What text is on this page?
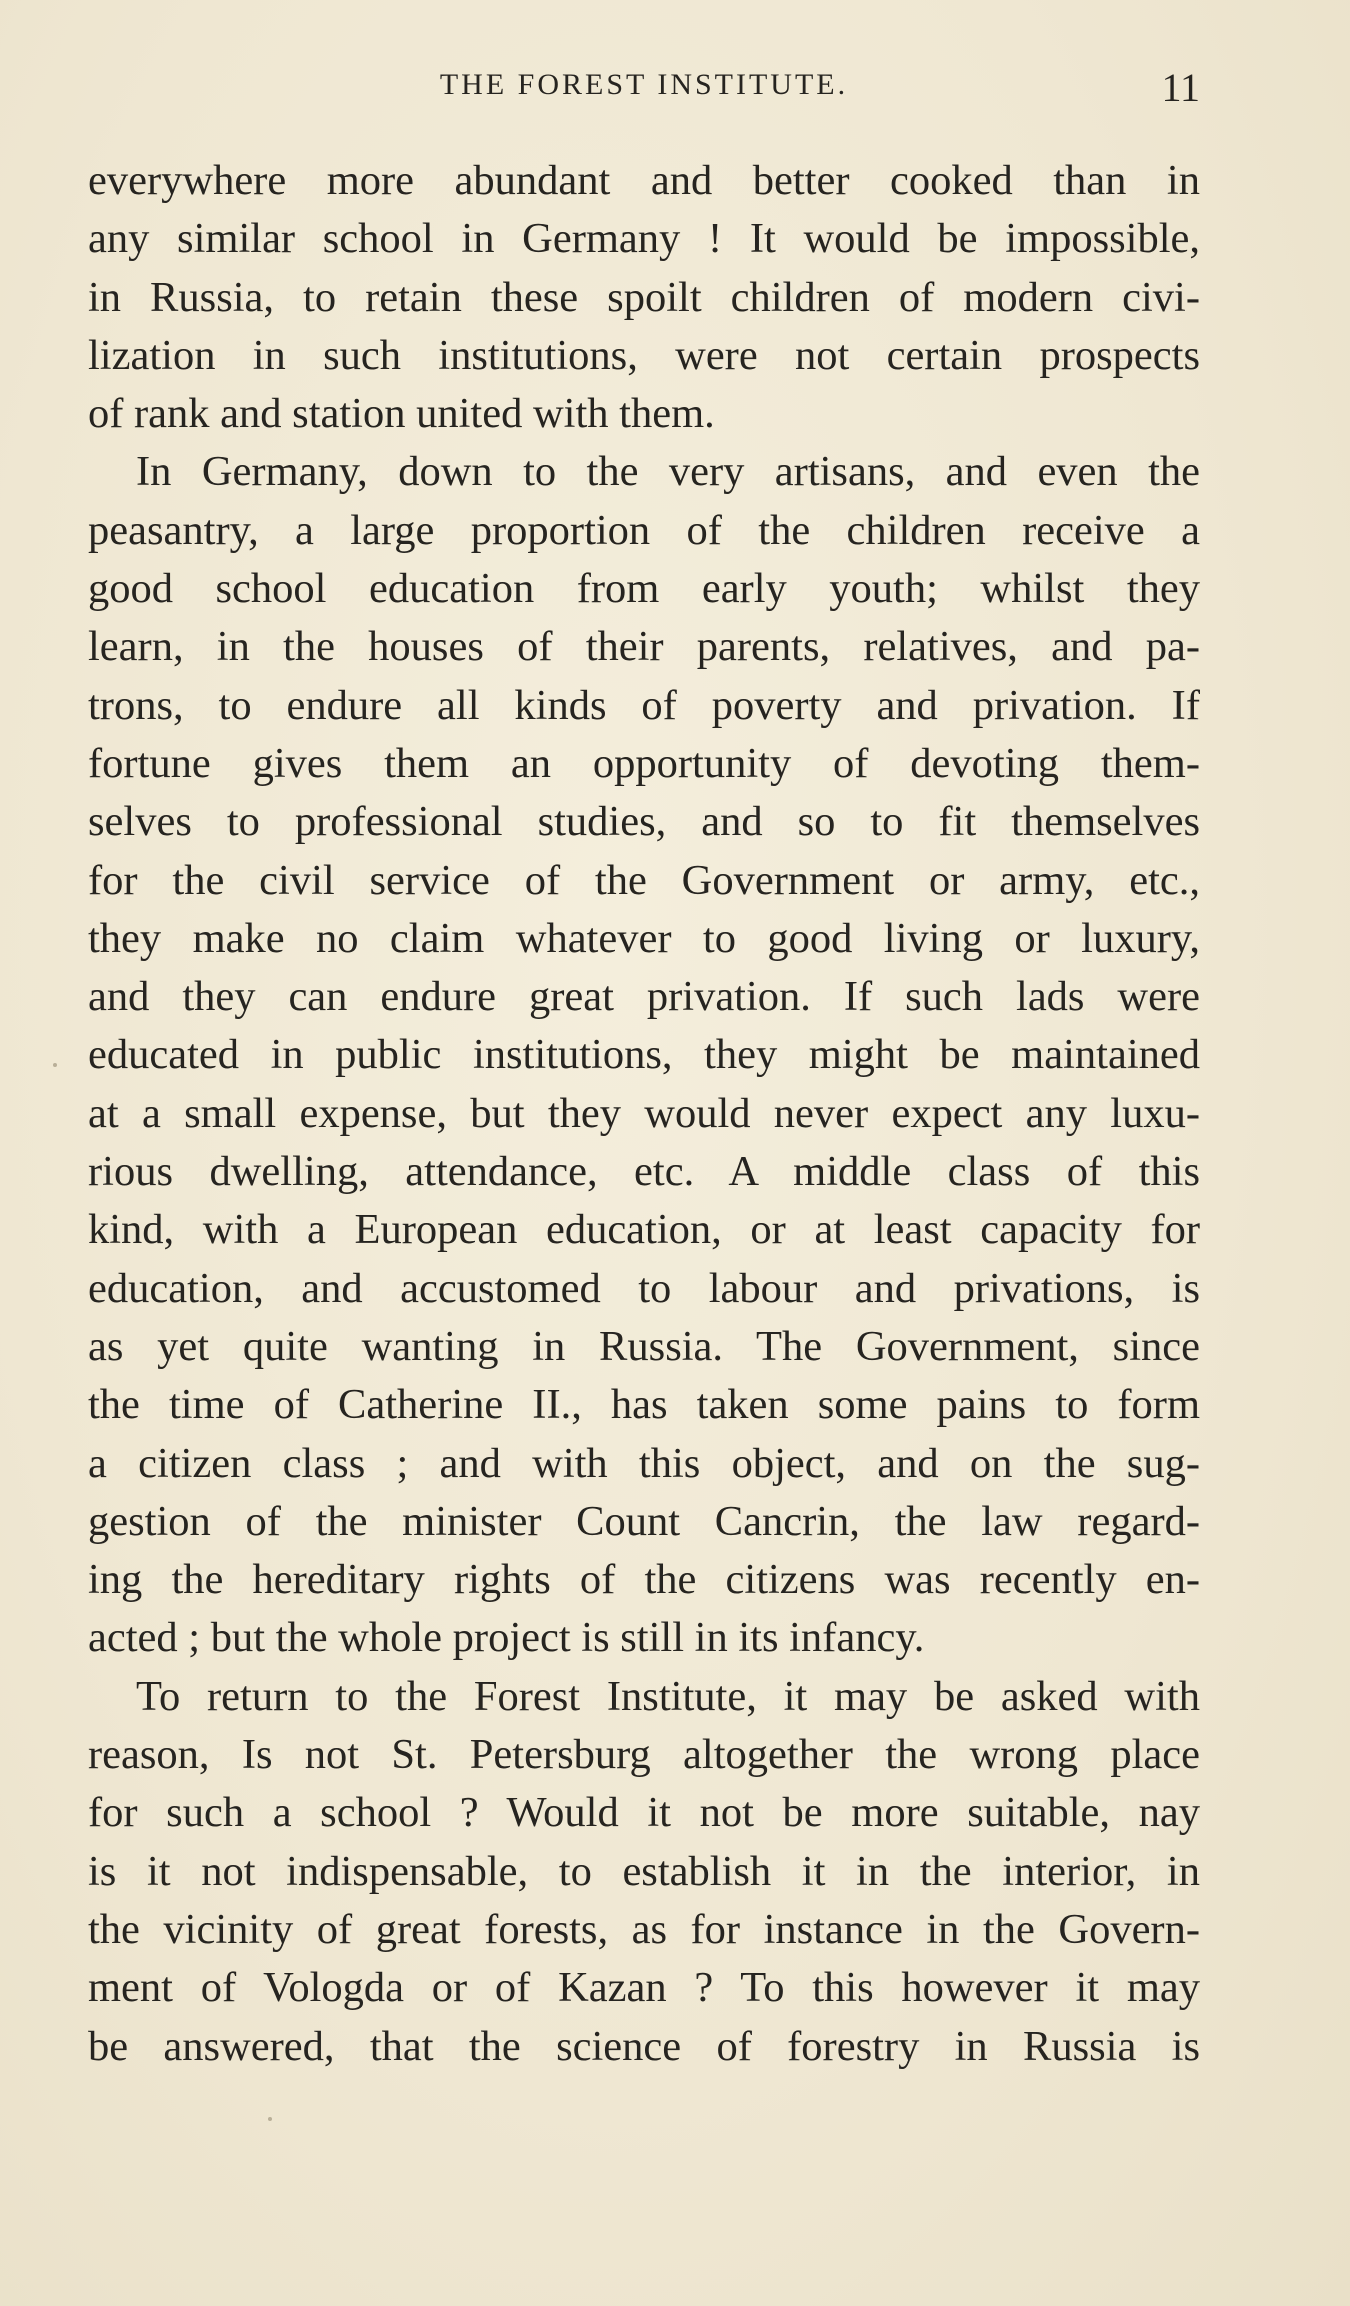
THE FOREST INSTITUTE.	11
everywhere more abundant and better cooked than in
any similar school in Germany ! It would be impossible,
in Russia, to retain these spoilt children of modern civi-
lization in such institutions, were not certain prospects
of rank and station united with them.
In Germany, down to the very artisans, and even the
peasantry, a large proportion of the children receive a
good school education from early youth; whilst they
learn, in the houses of their parents, relatives, and pa-
trons, to endure all kinds of poverty and privation. If
fortune gives them an opportunity of devoting them-
selves to professional studies, and so to fit themselves
for the civil service of the Government or army, etc.,
they make no claim whatever to good living or luxury,
and they can endure great privation. If such lads were
educated in public institutions, they might be maintained
at a small expense, but they would never expect any luxu-
rious dwelling, attendance, etc. A middle class of this
kind, with a European education, or at least capacity for
education, and accustomed to labour and privations, is
as yet quite wanting in Russia. The Government, since
the time of Catherine II., has taken some pains to form
a citizen class ; and with this object, and on the sug-
gestion of the minister Count Cancrin, the law regard-
ing the hereditary rights of the citizens was recently en-
acted ; but the whole project is still in its infancy.
To return to the Forest Institute, it may be asked with
reason, Is not St. Petersburg altogether the wrong place
for such a school ? Would it not be more suitable, nay
is it not indispensable, to establish it in the interior, in
the vicinity of great forests, as for instance in the Govern-
ment of Vologda or of Kazan ? To this however it may
be answered, that the science of forestry in Russia is
